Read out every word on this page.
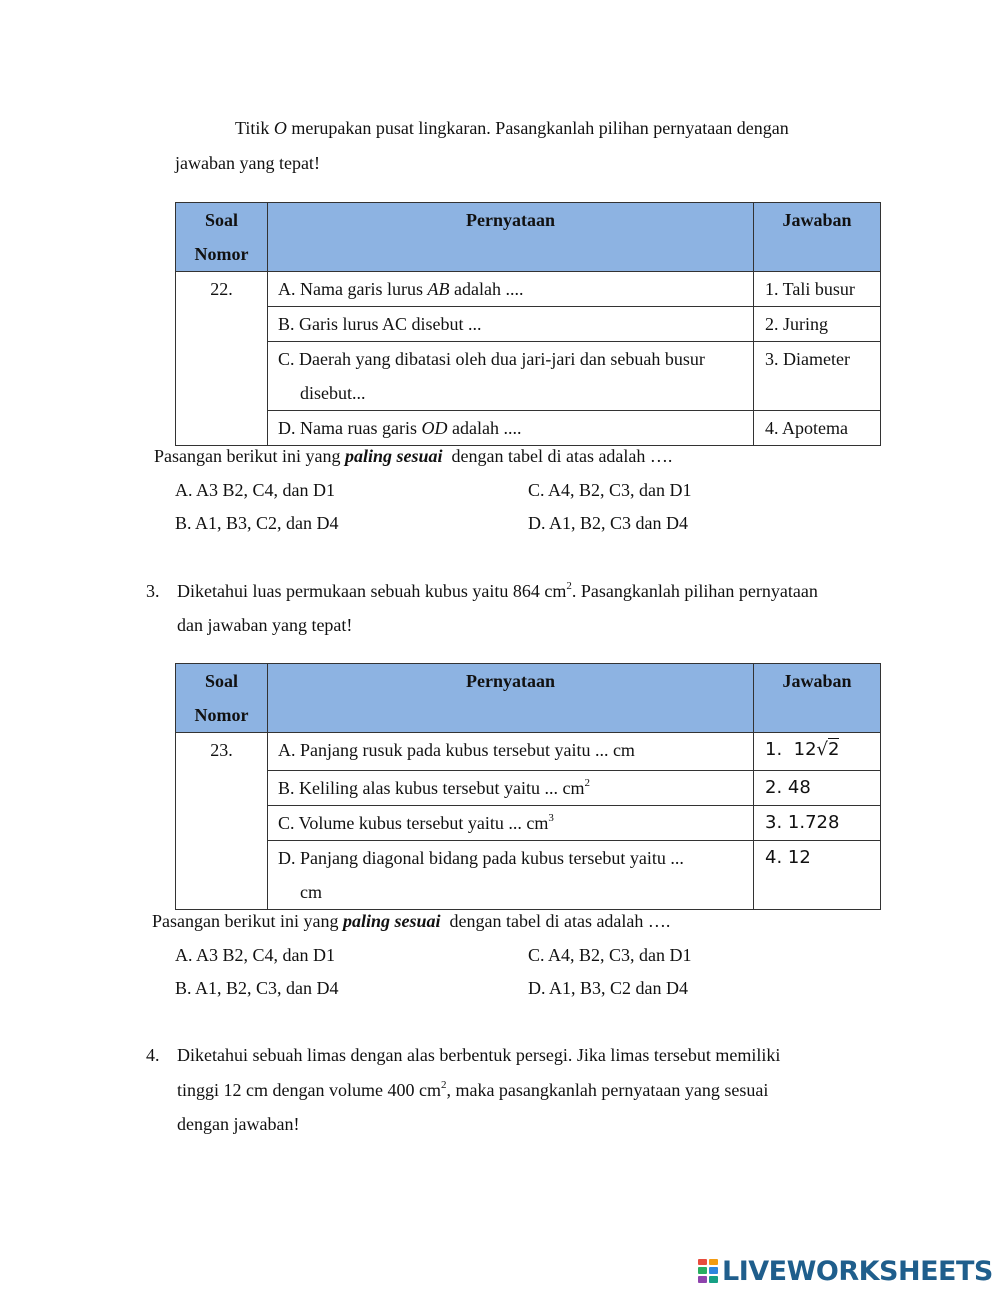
Titik O merupakan pusat lingkaran. Pasangkanlah pilihan pernyataan dengan
jawaban yang tepat!
Soal
Nomor	Pernyataan	Jawaban
22.	A. Nama garis lurus AB adalah ....	1. Tali busur
	B. Garis lurus AC disebut ...	2. Juring

	C. Daerah yang dibatasi oleh dua jari-jari dan sebuah busur
disebut...	3. Diameter
	D. Nama ruas garis OD adalah ....	4. Apotema
Pasangan berikut ini yang paling sesuai dengan tabel di atas adalah ….
A. A3 B2, C4, dan D1	C. A4, B2, C3, dan D1
B. A1, B3, C2, dan D4	D. A1, B2, C3 dan D4
3. Diketahui luas permukaan sebuah kubus yaitu 864 $cm^2$. Pasangkanlah pilihan pernyataan
dan jawaban yang tepat!
Soal
Nomor	Pernyataan	Jawaban
23.	A. Panjang rusuk pada kubus tersebut yaitu ... cm	1. 12√2
	B. Keliling alas kubus tersebut yaitu ... $cm^2$	2. 48
	C. Volume kubus tersebut yaitu ... $cm^3$	3. 1.728

	D. Panjang diagonal bidang pada kubus tersebut yaitu ...
cm	4. 12
Pasangan berikut ini yang paling sesuai dengan tabel di atas adalah ….
A. A3 B2, C4, dan D1	C. A4, B2, C3, dan D1
B. A1, B2, C3, dan D4	D. A1, B3, C2 dan D4
4. Diketahui sebuah limas dengan alas berbentuk persegi. Jika limas tersebut memiliki
tinggi 12 cm dengan volume 400 $cm^2$, maka pasangkanlah pernyataan yang sesuai
dengan jawaban!
LIVEWORKSHEETS
